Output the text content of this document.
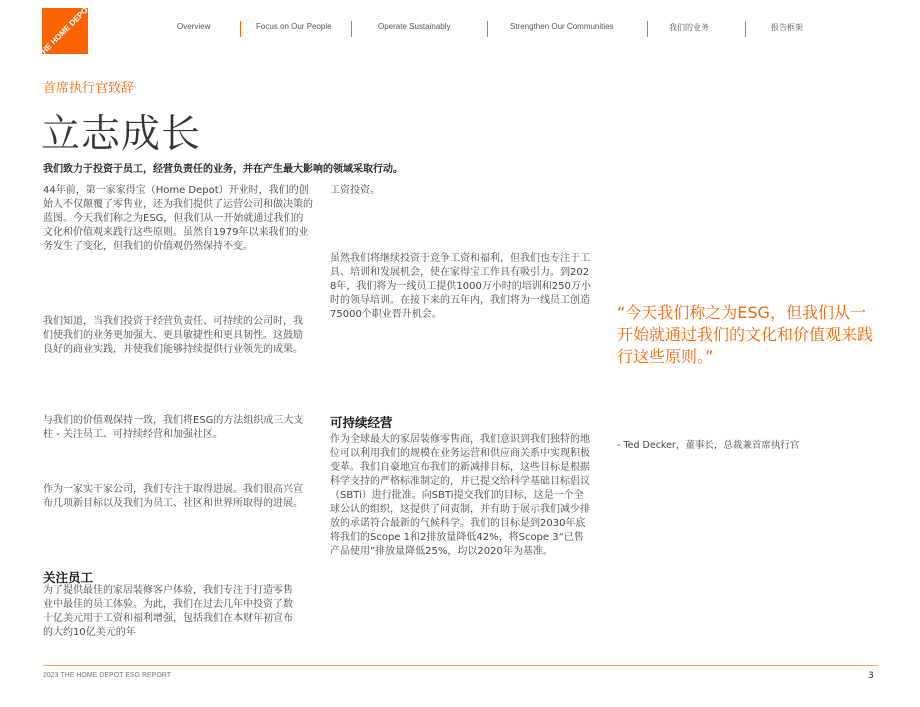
THE HOME DEPOT	Overview	Focus on Our People	Operate Sustainably	Strengthen Our Communities	我们的业务	报告框架
首席执行官致辞
立志成长
我们致力于投资于员工，经营负责任的业务，并在产生最大影响的领域采取行动。

44年前，第一家家得宝（Home Depot）开业时，我们的创始人不仅颠覆了零售业，还为我们提供了运营公司和做决策的蓝图。今天我们称之为ESG，但我们从一开始就通过我们的文化和价值观来践行这些原则。虽然自1979年以来我们的业务发生了变化，但我们的价值观仍然保持不变。

我们知道，当我们投资于经营负责任、可持续的公司时，我们使我们的业务更加强大、更具敏捷性和更具韧性。这鼓励良好的商业实践，并使我们能够持续提供行业领先的成果。

与我们的价值观保持一致，我们将ESG的方法组织成三大支柱 - 关注员工、可持续经营和加强社区。

作为一家实干家公司，我们专注于取得进展。我们很高兴宣布几项新目标以及我们为员工、社区和世界所取得的进展。

关注员工

为了提供最佳的家居装修客户体验，我们专注于打造零售业中最佳的员工体验。为此，我们在过去几年中投资了数十亿美元用于工资和福利增强，包括我们在本财年初宣布的大约10亿美元的年

工资投资。

虽然我们将继续投资于竞争工资和福利，但我们也专注于工具、培训和发展机会，使在家得宝工作具有吸引力。到2028年，我们将为一线员工提供1000万小时的培训和250万小时的领导培训。在接下来的五年内，我们将为一线员工创造75000个职业晋升机会。

可持续经营

作为全球最大的家居装修零售商，我们意识到我们独特的地位可以利用我们的规模在业务运营和供应商关系中实现积极变革。我们自豪地宣布我们的新减排目标，这些目标是根据科学支持的严格标准制定的，并已提交给科学基础目标倡议（SBTi）进行批准。向SBTi提交我们的目标，这是一个全球公认的组织，这提供了问责制，并有助于展示我们减少排放的承诺符合最新的气候科学。我们的目标是到2030年底将我们的Scope 1和2排放量降低42%，将Scope 3“已售产品使用”排放量降低25%，均以2020年为基准。

“今天我们称之为ESG，但我们从一开始就通过我们的文化和价值观来践行这些原则。”

- Ted Decker，董事长，总裁兼首席执行官
2023 THE HOME DEPOT ESG REPORT	3
